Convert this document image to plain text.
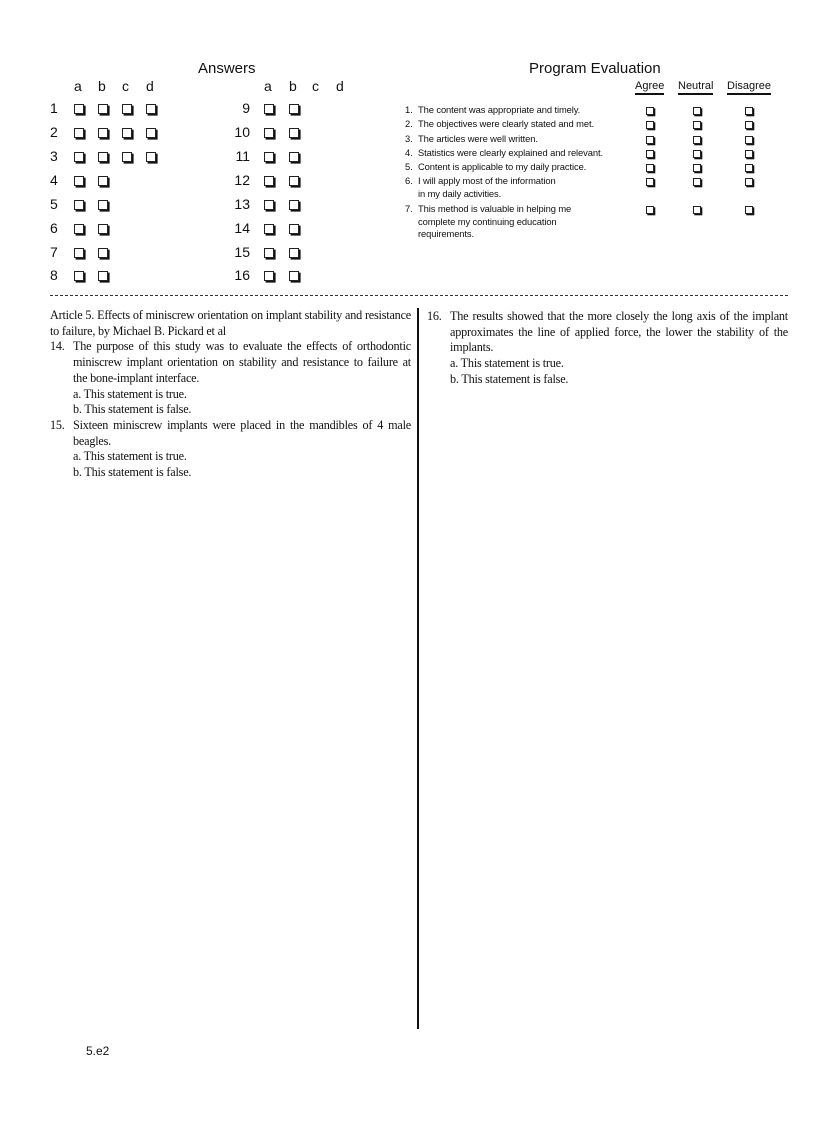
Answers
a b c d	a b c d
1
2
3
4
5
6
7
8
9
10
11
12
13
14
15
16
Program Evaluation
Agree Neutral Disagree
1. The content was appropriate and timely.
2. The objectives were clearly stated and met.
3. The articles were well written.
4. Statistics were clearly explained and relevant.
5. Content is applicable to my daily practice.
6. I will apply most of the information
in my daily activities.
7. This method is valuable in helping me
complete my continuing education
requirements.

Article 5. Effects of miniscrew orientation on implant stability and resistance to failure, by Michael B. Pickard et al

14. The purpose of this study was to evaluate the effects of orthodontic miniscrew implant orientation on stability and resistance to failure at the bone-implant interface.

a. This statement is true.

b. This statement is false.

15. Sixteen miniscrew implants were placed in the mandibles of 4 male beagles.

a. This statement is true.

b. This statement is false.

16. The results showed that the more closely the long axis of the implant approximates the line of applied force, the lower the stability of the implants.

a. This statement is true.

b. This statement is false.

5.e2
